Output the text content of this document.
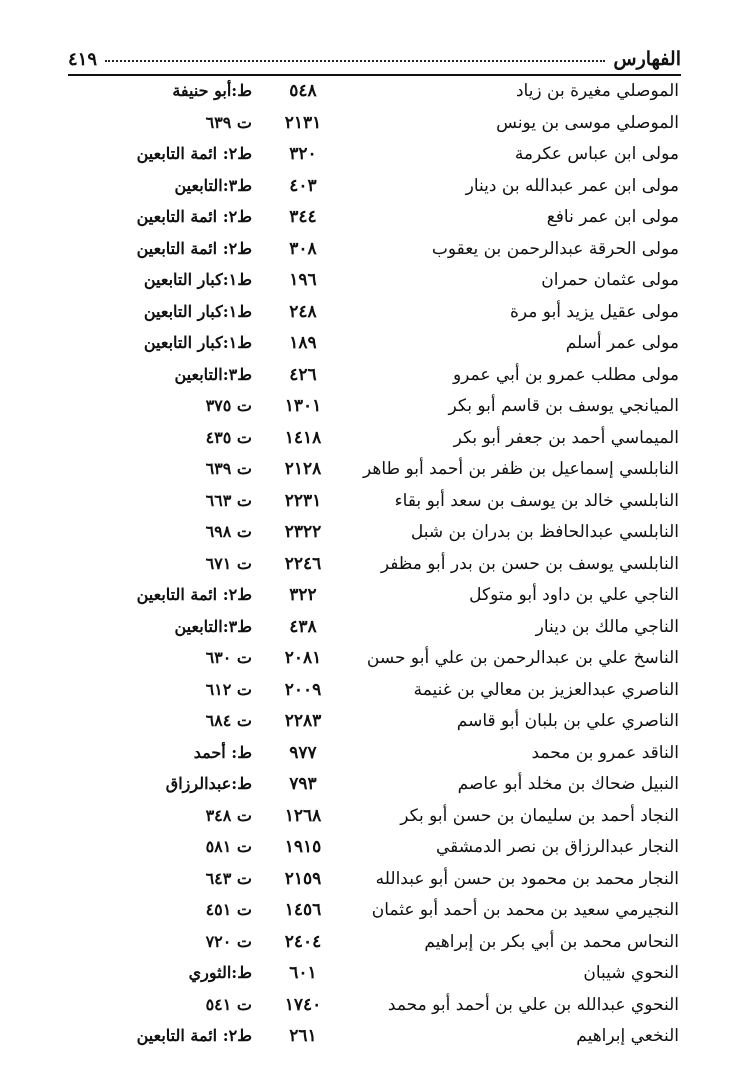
الفهارس
٤١٩
الموصلي مغيرة بن زياد
٥٤٨
ط:أبو حنيفة
الموصلي موسى بن يونس
٢١٣١
ت ٦٣٩
مولى ابن عباس عكرمة
٣٢٠
ط٢: ائمة التابعين
مولى ابن عمر عبدالله بن دينار
٤٠٣
ط٣:التابعين
مولى ابن عمر نافع
٣٤٤
ط٢: ائمة التابعين
مولى الحرقة عبدالرحمن بن يعقوب
٣٠٨
ط٢: ائمة التابعين
مولى عثمان حمران
١٩٦
ط١:كبار التابعين
مولى عقيل يزيد أبو مرة
٢٤٨
ط١:كبار التابعين
مولى عمر أسلم
١٨٩
ط١:كبار التابعين
مولى مطلب عمرو بن أبي عمرو
٤٢٦
ط٣:التابعين
الميانجي يوسف بن قاسم أبو بكر
١٣٠١
ت ٣٧٥
الميماسي أحمد بن جعفر أبو بكر
١٤١٨
ت ٤٣٥
النابلسي إسماعيل بن ظفر بن أحمد أبو طاهر
٢١٢٨
ت ٦٣٩
النابلسي خالد بن يوسف بن سعد أبو بقاء
٢٢٣١
ت ٦٦٣
النابلسي عبدالحافظ بن بدران بن شبل
٢٣٢٢
ت ٦٩٨
النابلسي يوسف بن حسن بن بدر أبو مظفر
٢٢٤٦
ت ٦٧١
الناجي علي بن داود أبو متوكل
٣٢٢
ط٢: ائمة التابعين
الناجي مالك بن دينار
٤٣٨
ط٣:التابعين
الناسخ علي بن عبدالرحمن بن علي أبو حسن
٢٠٨١
ت ٦٣٠
الناصري عبدالعزيز بن معالي بن غنيمة
٢٠٠٩
ت ٦١٢
الناصري علي بن بلبان أبو قاسم
٢٢٨٣
ت ٦٨٤
الناقد عمرو بن محمد
٩٧٧
ط: أحمد
النبيل ضحاك بن مخلد أبو عاصم
٧٩٣
ط:عبدالرزاق
النجاد أحمد بن سليمان بن حسن أبو بكر
١٢٦٨
ت ٣٤٨
النجار عبدالرزاق بن نصر الدمشقي
١٩١٥
ت ٥٨١
النجار محمد بن محمود بن حسن أبو عبدالله
٢١٥٩
ت ٦٤٣
النجيرمي سعيد بن محمد بن أحمد أبو عثمان
١٤٥٦
ت ٤٥١
النحاس محمد بن أبي بكر بن إبراهيم
٢٤٠٤
ت ٧٢٠
النحوي شيبان
٦٠١
ط:الثوري
النحوي عبدالله بن علي بن أحمد أبو محمد
١٧٤٠
ت ٥٤١
النخعي إبراهيم
٢٦١
ط٢: ائمة التابعين
